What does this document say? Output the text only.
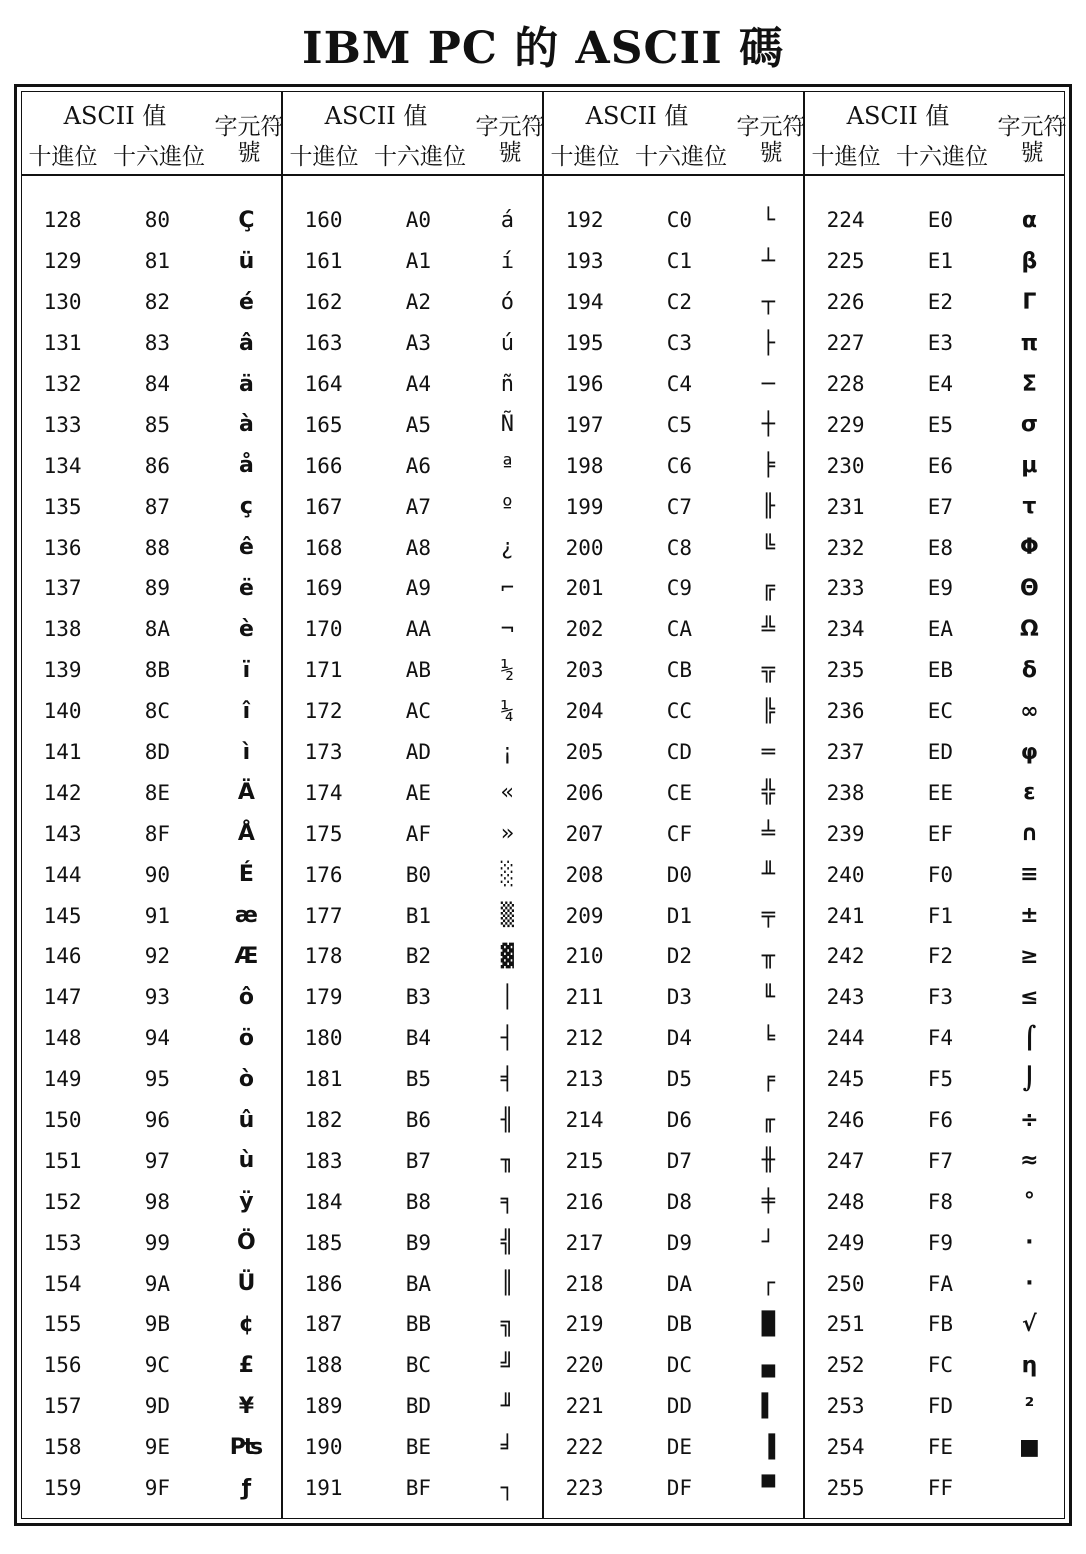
IBM PC 的 ASCII 碼
ASCII 值
十進位 十六進位
字元符號
128	80	Ç
129	81	ü
130	82	é
131	83	â
132	84	ä
133	85	à
134	86	å
135	87	ç
136	88	ê
137	89	ë
138	8A	è
139	8B	ï
140	8C	î
141	8D	ì
142	8E	Ä
143	8F	Å
144	90	É
145	91	æ
146	92	Æ
147	93	ô
148	94	ö
149	95	ò
150	96	û
151	97	ù
152	98	ÿ
153	99	Ö
154	9A	Ü
155	9B	¢
156	9C	£
157	9D	¥
158	9E	₧
159	9F	ƒ
ASCII 值
十進位 十六進位
字元符號
160	A0	á
161	A1	í
162	A2	ó
163	A3	ú
164	A4	ñ
165	A5	Ñ
166	A6	ª
167	A7	º
168	A8	¿
169	A9	⌐
170	AA	¬
171	AB	½
172	AC	¼
173	AD	¡
174	AE	«
175	AF	»
176	B0	░
177	B1	▒
178	B2	▓
179	B3	│
180	B4	┤
181	B5	╡
182	B6	╢
183	B7	╖
184	B8	╕
185	B9	╣
186	BA	║
187	BB	╗
188	BC	╝
189	BD	╜
190	BE	╛
191	BF	┐
ASCII 值
十進位 十六進位
字元符號
192	C0	└
193	C1	┴
194	C2	┬
195	C3	├
196	C4	─
197	C5	┼
198	C6	╞
199	C7	╟
200	C8	╚
201	C9	╔
202	CA	╩
203	CB	╦
204	CC	╠
205	CD	═
206	CE	╬
207	CF	╧
208	D0	╨
209	D1	╤
210	D2	╥
211	D3	╙
212	D4	╘
213	D5	╒
214	D6	╓
215	D7	╫
216	D8	╪
217	D9	┘
218	DA	┌
219	DB	█
220	DC	▄
221	DD	▌
222	DE	▐
223	DF	▀
ASCII 值
十進位 十六進位
字元符號
224	E0	α
225	E1	β
226	E2	Γ
227	E3	π
228	E4	Σ
229	E5	σ
230	E6	μ
231	E7	τ
232	E8	Φ
233	E9	Θ
234	EA	Ω
235	EB	δ
236	EC	∞
237	ED	φ
238	EE	ε
239	EF	∩
240	F0	≡
241	F1	±
242	F2	≥
243	F3	≤
244	F4	⌠
245	F5	⌡
246	F6	÷
247	F7	≈
248	F8	°
249	F9	∙
250	FA	·
251	FB	√
252	FC	η
253	FD	²
254	FE	■
255	FF
